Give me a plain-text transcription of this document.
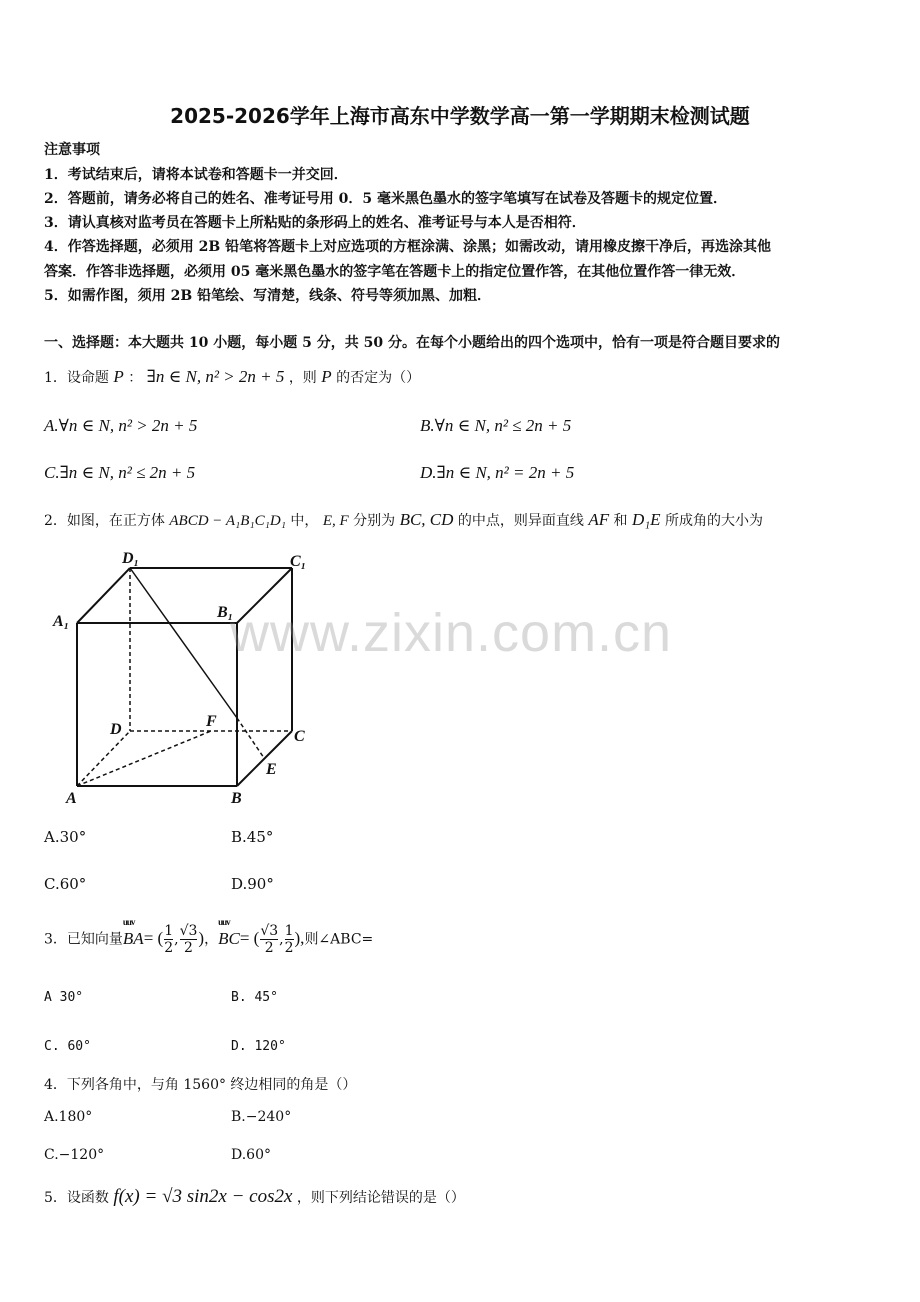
2025-2026学年上海市高东中学数学高一第一学期期末检测试题
注意事项
1．考试结束后，请将本试卷和答题卡一并交回．
2．答题前，请务必将自己的姓名、准考证号用 0．5 毫米黑色墨水的签字笔填写在试卷及答题卡的规定位置．
3．请认真核对监考员在答题卡上所粘贴的条形码上的姓名、准考证号与本人是否相符．
4．作答选择题，必须用 2B 铅笔将答题卡上对应选项的方框涂满、涂黑；如需改动，请用橡皮擦干净后，再选涂其他
答案．作答非选择题，必须用 05 毫米黑色墨水的签字笔在答题卡上的指定位置作答，在其他位置作答一律无效．
5．如需作图，须用 2B 铅笔绘、写清楚，线条、符号等须加黑、加粗．
一、选择题：本大题共 10 小题，每小题 5 分，共 50 分。在每个小题给出的四个选项中，恰有一项是符合题目要求的
1．设命题 P ： ∃n ∈ N, n² > 2n + 5 ，则 P 的否定为（）
A.∀n ∈ N, n² > 2n + 5	B.∀n ∈ N, n² ≤ 2n + 5
C.∃n ∈ N, n² ≤ 2n + 5	D.∃n ∈ N, n² = 2n + 5
2．如图，在正方体 ABCD − A₁B₁C₁D₁ 中， E, F 分别为 BC, CD 的中点，则异面直线 AF 和 D₁E 所成角的大小为
D₁	C₁
A₁
B₁
D	F
C
E
A	B
www.zixin.com.cn
A.30°	B.45°
C.60°	D.90°
3．已知向量uuv BA= ( $\frac{1}{2}$ , $\frac{√3}{2}$ )，uuv BC= ( $\frac{√3}{2}$ , $\frac{1}{2}$ ),则∠ABC=
A 30°	B. 45°
C. 60°	D. 120°
4．下列各角中，与角 1560° 终边相同的角是（）
A.180°	B.−240°
C.−120°	D.60°
5．设函数 f(x) = √3 sin2x − cos2x ，则下列结论错误的是（）
